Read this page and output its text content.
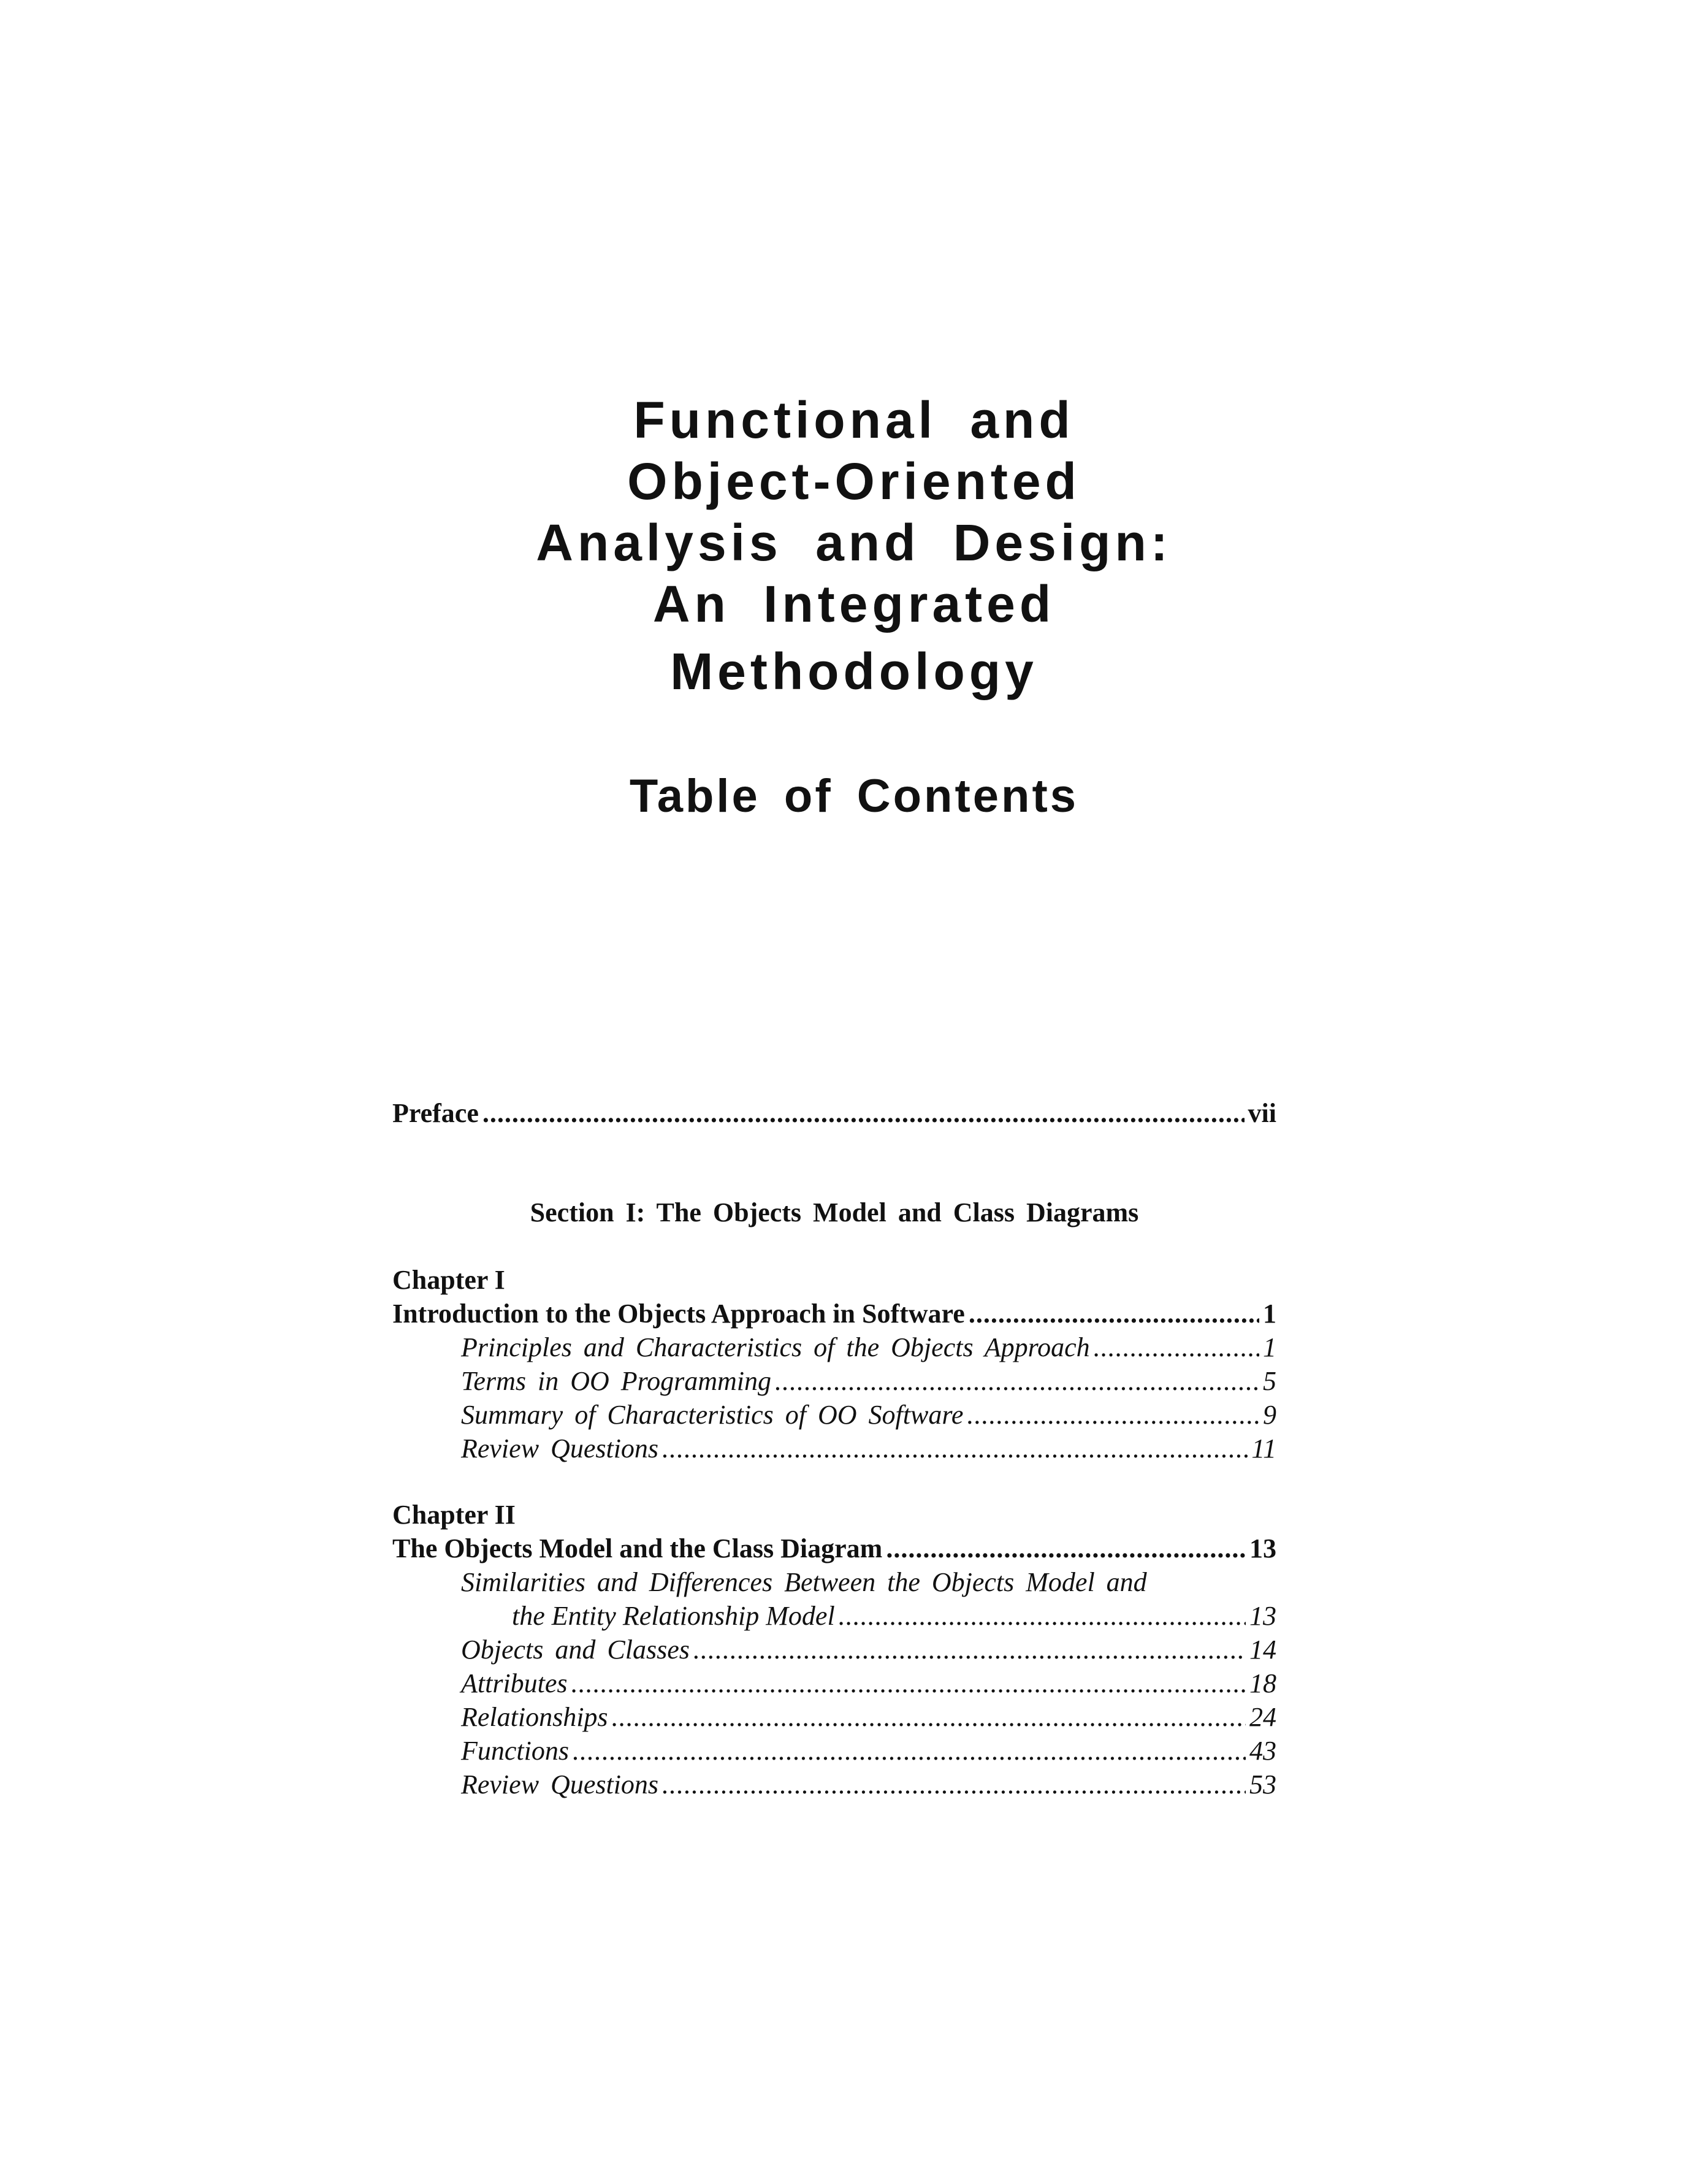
Functional and
Object-Oriented
Analysis and Design:
An Integrated
Methodology
Table of Contents
Preface .....	vii
Section I: The Objects Model and Class Diagrams
Chapter I
Introduction to the Objects Approach in Software .....	1
Principles and Characteristics of the Objects Approach .....	1
Terms in OO Programming .....	5
Summary of Characteristics of OO Software .....	9
Review Questions .....	11
Chapter II
The Objects Model and the Class Diagram .....	13
Similarities and Differences Between the Objects Model and
the Entity Relationship Model .....	13
Objects and Classes .....	14
Attributes .....	18
Relationships .....	24
Functions .....	43
Review Questions .....	53
